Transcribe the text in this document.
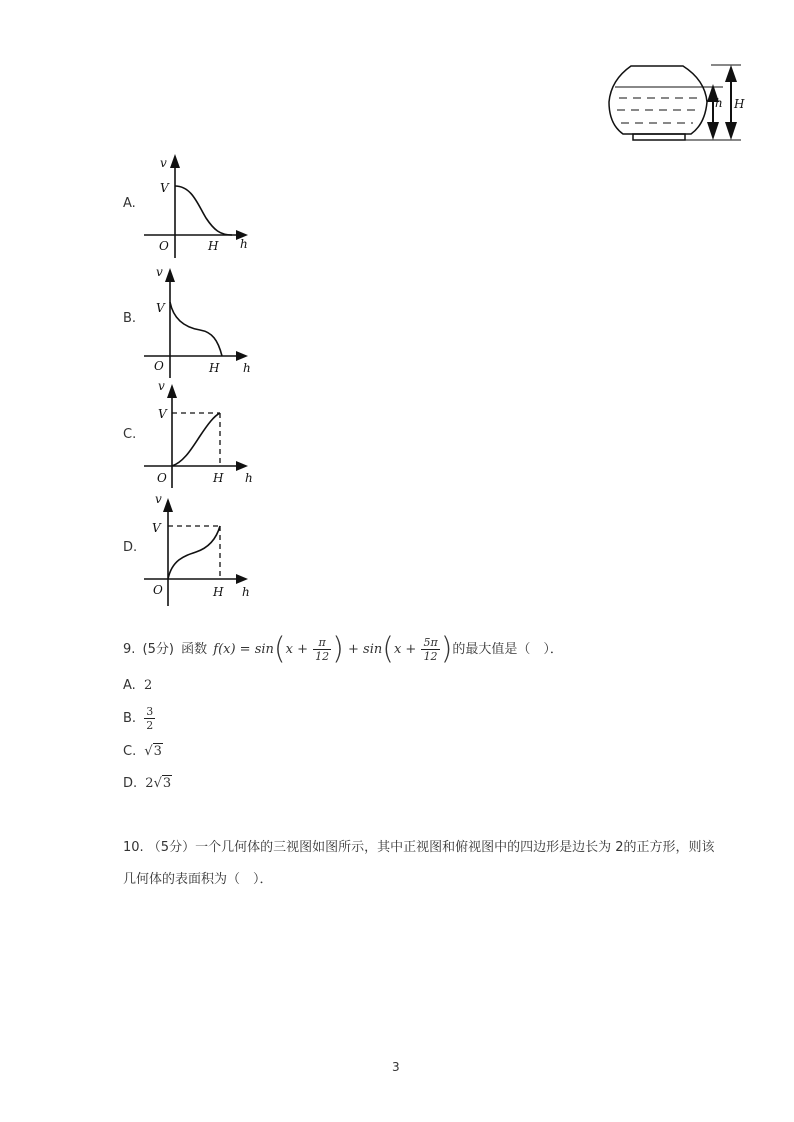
h H
A.
v
V
O	H h
B.
v
V
O	H h
C.
v
V
O	H h
D.
v
V
O	H h
9. (5分) 函数 $f(x) = \sin(x + \frac{\pi}{12}$ ) + $\sin(x + \frac{5\pi}{12}$ )的最大值是（　）．
A. 2
B. $\frac{3}{2}$
C. √3
D. 2√3
10. （5分）一个几何体的三视图如图所示，其中正视图和俯视图中的四边形是边长为 2的正方形，则该
几何体的表面积为（　）．
3
